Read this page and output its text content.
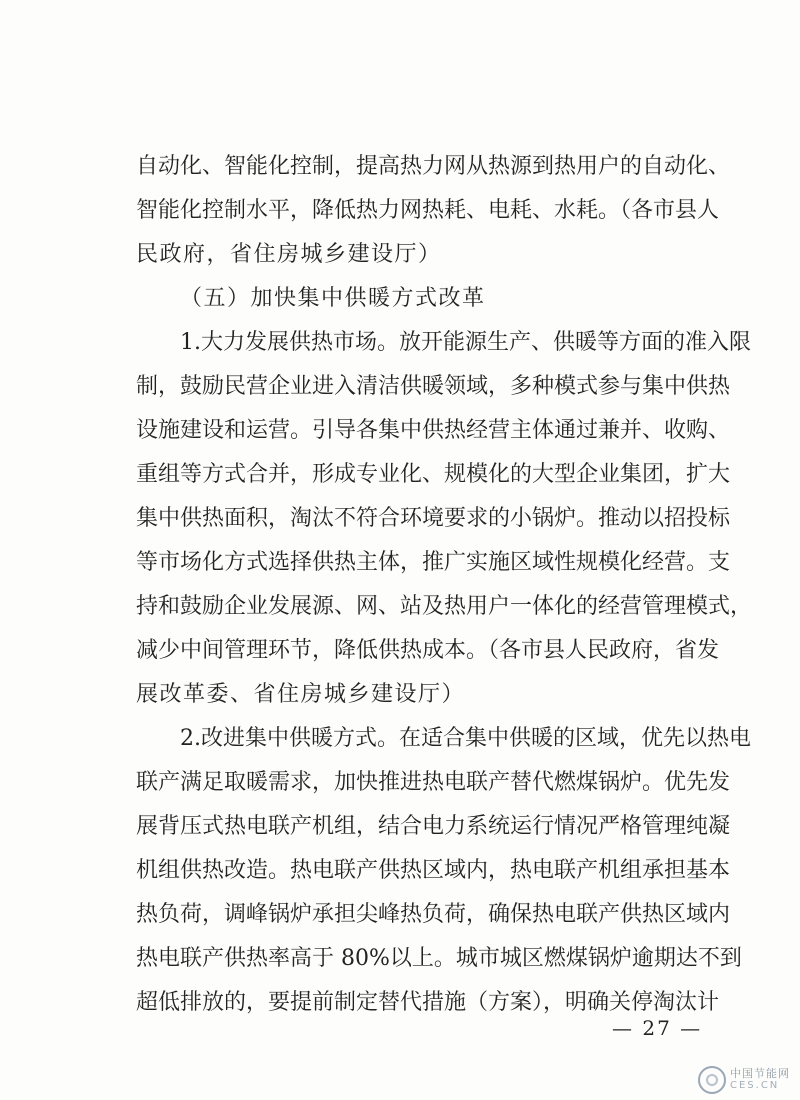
自动化、智能化控制，提高热力网从热源到热用户的自动化、
智能化控制水平，降低热力网热耗、电耗、水耗。（各市县人
民政府，省住房城乡建设厅）
（五）加快集中供暖方式改革
1.大力发展供热市场。放开能源生产、供暖等方面的准入限
制，鼓励民营企业进入清洁供暖领域，多种模式参与集中供热
设施建设和运营。引导各集中供热经营主体通过兼并、收购、
重组等方式合并，形成专业化、规模化的大型企业集团，扩大
集中供热面积，淘汰不符合环境要求的小锅炉。推动以招投标
等市场化方式选择供热主体，推广实施区域性规模化经营。支
持和鼓励企业发展源、网、站及热用户一体化的经营管理模式，
减少中间管理环节，降低供热成本。（各市县人民政府，省发
展改革委、省住房城乡建设厅）
2.改进集中供暖方式。在适合集中供暖的区域，优先以热电
联产满足取暖需求，加快推进热电联产替代燃煤锅炉。优先发
展背压式热电联产机组，结合电力系统运行情况严格管理纯凝
机组供热改造。热电联产供热区域内，热电联产机组承担基本
热负荷，调峰锅炉承担尖峰热负荷，确保热电联产供热区域内
热电联产供热率高于 80%以上。城市城区燃煤锅炉逾期达不到
超低排放的，要提前制定替代措施（方案），明确关停淘汰计
— 27 —
中国节能网
CES.CN
